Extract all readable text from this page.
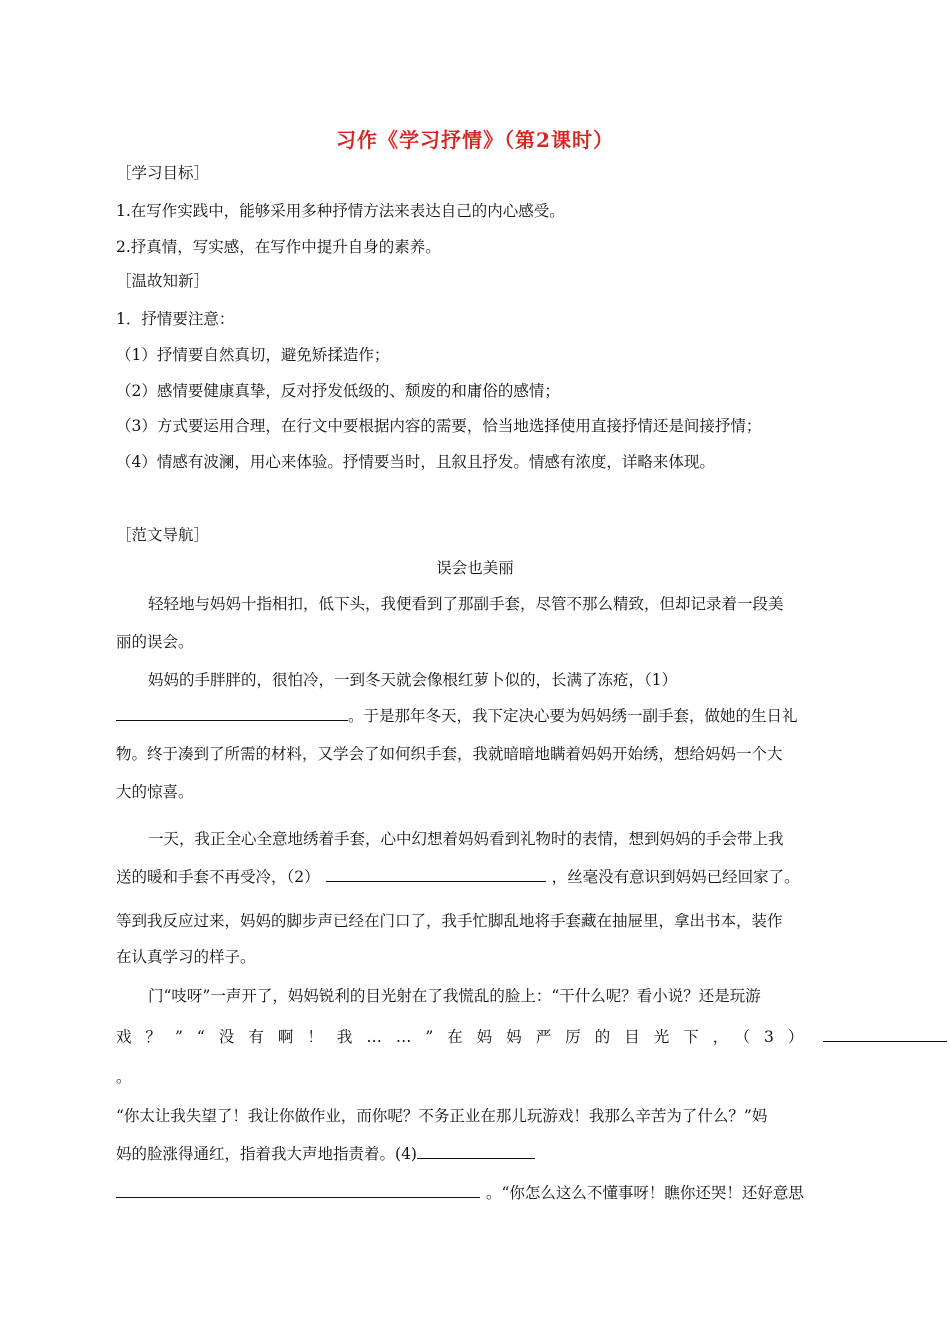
习作《学习抒情》（第2课时）
［学习目标］
1.在写作实践中，能够采用多种抒情方法来表达自己的内心感受。
2.抒真情，写实感，在写作中提升自身的素养。
［温故知新］
1．抒情要注意：
（1）抒情要自然真切，避免矫揉造作；
（2）感情要健康真挚，反对抒发低级的、颓废的和庸俗的感情；
（3）方式要运用合理，在行文中要根据内容的需要，恰当地选择使用直接抒情还是间接抒情；
（4）情感有波澜，用心来体验。抒情要当时，且叙且抒发。情感有浓度，详略来体现。
［范文导航］
误会也美丽
轻轻地与妈妈十指相扣，低下头，我便看到了那副手套，尽管不那么精致，但却记录着一段美
丽的误会。
妈妈的手胖胖的，很怕冷，一到冬天就会像根红萝卜似的，长满了冻疮，（1）
。于是那年冬天，我下定决心要为妈妈绣一副手套，做她的生日礼
物。终于凑到了所需的材料，又学会了如何织手套，我就暗暗地瞒着妈妈开始绣，想给妈妈一个大
大的惊喜。
一天，我正全心全意地绣着手套，心中幻想着妈妈看到礼物时的表情，想到妈妈的手会带上我
送的暖和手套不再受冷，（2）	，丝毫没有意识到妈妈已经回家了。
等到我反应过来，妈妈的脚步声已经在门口了，我手忙脚乱地将手套藏在抽屉里，拿出书本，装作
在认真学习的样子。
门“吱呀”一声开了，妈妈锐利的目光射在了我慌乱的脸上：“干什么呢？看小说？还是玩游
戏？”“没有啊！我……”在妈妈严厉的目光下，（3）
。
“你太让我失望了！我让你做作业，而你呢？不务正业在那儿玩游戏！我那么辛苦为了什么？”妈
妈的脸涨得通红，指着我大声地指责着。(4)
。“你怎么这么不懂事呀！瞧你还哭！还好意思
